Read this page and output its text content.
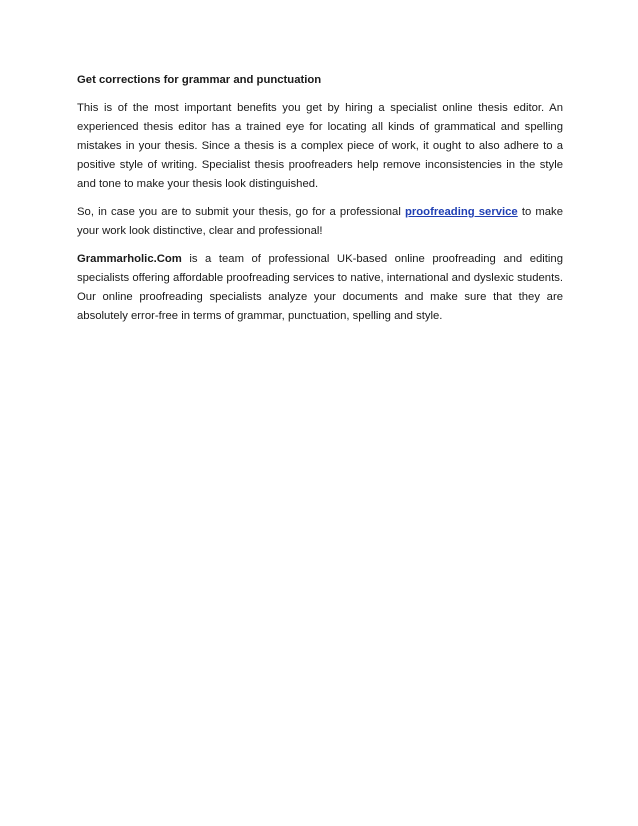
Get corrections for grammar and punctuation

This is of the most important benefits you get by hiring a specialist online thesis editor. An experienced thesis editor has a trained eye for locating all kinds of grammatical and spelling mistakes in your thesis. Since a thesis is a complex piece of work, it ought to also adhere to a positive style of writing. Specialist thesis proofreaders help remove inconsistencies in the style and tone to make your thesis look distinguished.

So, in case you are to submit your thesis, go for a professional proofreading service to make your work look distinctive, clear and professional!

Grammarholic.Com is a team of professional UK-based online proofreading and editing specialists offering affordable proofreading services to native, international and dyslexic students. Our online proofreading specialists analyze your documents and make sure that they are absolutely error-free in terms of grammar, punctuation, spelling and style.
